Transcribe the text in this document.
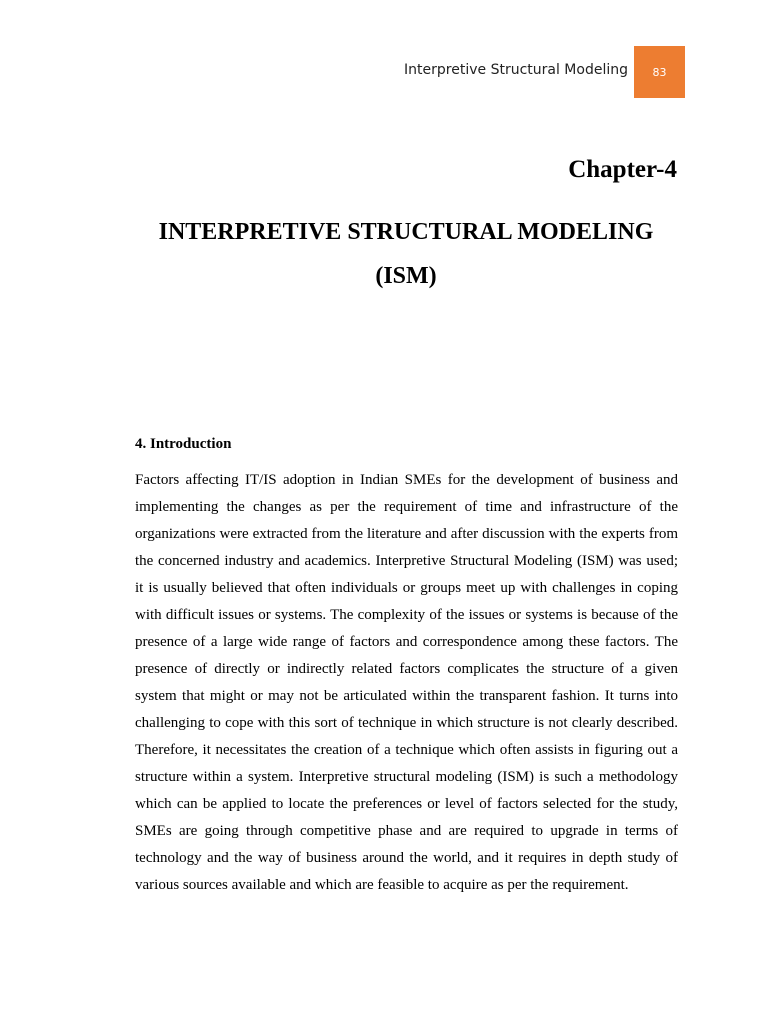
Interpretive Structural Modeling 83
Chapter-4
INTERPRETIVE STRUCTURAL MODELING
(ISM)
4. Introduction

Factors affecting IT/IS adoption in Indian SMEs for the development of business and implementing the changes as per the requirement of time and infrastructure of the organizations were extracted from the literature and after discussion with the experts from the concerned industry and academics. Interpretive Structural Modeling (ISM) was used; it is usually believed that often individuals or groups meet up with challenges in coping with difficult issues or systems. The complexity of the issues or systems is because of the presence of a large wide range of factors and correspondence among these factors. The presence of directly or indirectly related factors complicates the structure of a given system that might or may not be articulated within the transparent fashion. It turns into challenging to cope with this sort of technique in which structure is not clearly described. Therefore, it necessitates the creation of a technique which often assists in figuring out a structure within a system. Interpretive structural modeling (ISM) is such a methodology which can be applied to locate the preferences or level of factors selected for the study, SMEs are going through competitive phase and are required to upgrade in terms of technology and the way of business around the world, and it requires in depth study of various sources available and which are feasible to acquire as per the requirement.
